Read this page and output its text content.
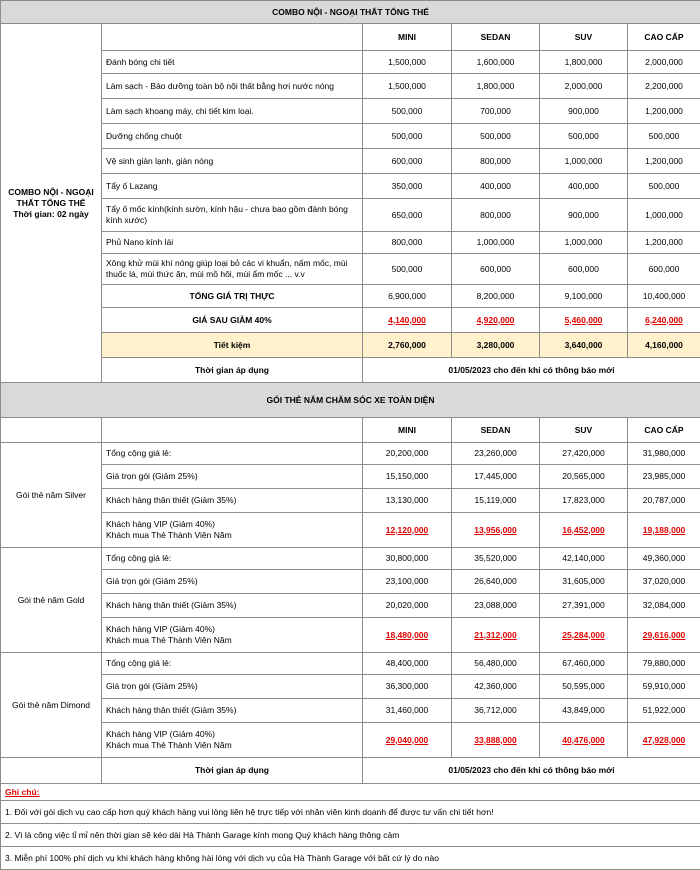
COMBO NỘI - NGOẠI THẤT TỔNG THỂ					

COMBO NỘI - NGOẠI THẤT TỔNG THỂ
Thời gian: 02 ngày		MINI	SEDAN	SUV	CAO CẤP
	Đánh bóng chi tiết	1,500,000	1,600,000	1,800,000	2,000,000
	Làm sạch - Bảo dưỡng toàn bộ nội thất bằng hơi nước nóng	1,500,000	1,800,000	2,000,000	2,200,000
	Làm sạch khoang máy, chi tiết kim loại.	500,000	700,000	900,000	1,200,000
	Dưỡng chống chuột	500,000	500,000	500,000	500,000
	Vệ sinh giàn lạnh, giàn nóng	600,000	800,000	1,000,000	1,200,000
	Tẩy ố Lazang	350,000	400,000	400,000	500,000
	Tẩy ố mốc kính(kính sườn, kính hậu - chưa bao gồm đánh bóng kính xước)	650,000	800,000	900,000	1,000,000
	Phủ Nano kính lái	800,000	1,000,000	1,000,000	1,200,000
	Xông khử mùi khí nóng giúp loại bỏ các vi khuẩn, nấm mốc, mùi thuốc lá, mùi thức ăn, mùi mồ hôi, mùi ẩm mốc ... v.v	500,000	600,000	600,000	600,000
	TỔNG GIÁ TRỊ THỰC	6,900,000	8,200,000	9,100,000	10,400,000
	GIÁ SAU GIẢM 40%	4,140,000	4,920,000	5,460,000	6,240,000
	Tiết kiệm	2,760,000	3,280,000	3,640,000	4,160,000
	Thời gian áp dụng	01/05/2023 cho đến khi có thông báo mới			
GÓI THẺ NĂM CHĂM SÓC XE TOÀN DIỆN					
		MINI	SEDAN	SUV	CAO CẤP
Gói thẻ năm Silver	Tổng cộng giá lẻ:	20,200,000	23,260,000	27,420,000	31,980,000
	Giá trọn gói (Giảm 25%)	15,150,000	17,445,000	20,565,000	23,985,000
	Khách hàng thân thiết (Giảm 35%)	13,130,000	15,119,000	17,823,000	20,787,000

	Khách hàng VIP (Giảm 40%)
Khách mua Thẻ Thành Viên Năm	12,120,000	13,956,000	16,452,000	19,188,000
Gói thẻ năm Gold	Tổng cộng giá lẻ:	30,800,000	35,520,000	42,140,000	49,360,000
	Giá trọn gói (Giảm 25%)	23,100,000	26,640,000	31,605,000	37,020,000
	Khách hàng thân thiết (Giảm 35%)	20,020,000	23,088,000	27,391,000	32,084,000

	Khách hàng VIP (Giảm 40%)
Khách mua Thẻ Thành Viên Năm	18,480,000	21,312,000	25,284,000	29,616,000
Gói thẻ năm Dimond	Tổng cộng giá lẻ:	48,400,000	56,480,000	67,460,000	79,880,000
	Giá trọn gói (Giảm 25%)	36,300,000	42,360,000	50,595,000	59,910,000
	Khách hàng thân thiết (Giảm 35%)	31,460,000	36,712,000	43,849,000	51,922,000

	Khách hàng VIP (Giảm 40%)
Khách mua Thẻ Thành Viên Năm	29,040,000	33,888,000	40,476,000	47,928,000
	Thời gian áp dụng	01/05/2023 cho đến khi có thông báo mới			
Ghi chú:					
1. Đối với gói dịch vụ cao cấp hơn quý khách hàng vui lòng liên hệ trực tiếp với nhân viên kinh doanh để được tư vấn chi tiết hơn!					
2. Vì là công việc tỉ mỉ nên thời gian sẽ kéo dài Hà Thành Garage kính mong Quý khách hàng thông cảm					
3. Miễn phí 100% phí dịch vụ khi khách hàng không hài lòng với dịch vụ của Hà Thành Garage với bất cứ lý do nào					
